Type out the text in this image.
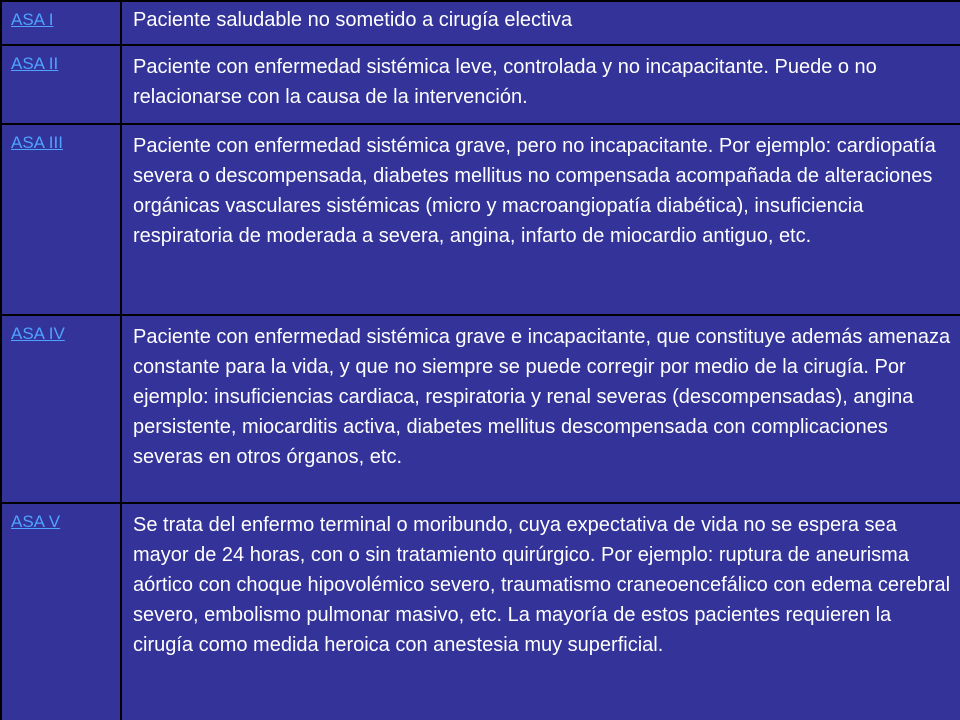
ASA I	Paciente saludable no sometido a cirugía electiva

ASA II	Paciente con enfermedad sistémica leve, controlada y no incapacitante. Puede o no relacionarse con la causa de la intervención.

ASA III	Paciente con enfermedad sistémica grave, pero no incapacitante. Por ejemplo: cardiopatía severa o descompensada, diabetes mellitus no compensada acompañada de alteraciones orgánicas vasculares sistémicas (micro y macroangiopatía diabética), insuficiencia respiratoria de moderada a severa, angina, infarto de miocardio antiguo, etc.

ASA IV	Paciente con enfermedad sistémica grave e incapacitante, que constituye además amenaza constante para la vida, y que no siempre se puede corregir por medio de la cirugía. Por ejemplo: insuficiencias cardiaca, respiratoria y renal severas (descompensadas), angina persistente, miocarditis activa, diabetes mellitus descompensada con complicaciones severas en otros órganos, etc.

ASA V	Se trata del enfermo terminal o moribundo, cuya expectativa de vida no se espera sea mayor de 24 horas, con o sin tratamiento quirúrgico. Por ejemplo: ruptura de aneurisma aórtico con choque hipovolémico severo, traumatismo craneoencefálico con edema cerebral severo, embolismo pulmonar masivo, etc. La mayoría de estos pacientes requieren la cirugía como medida heroica con anestesia muy superficial.
